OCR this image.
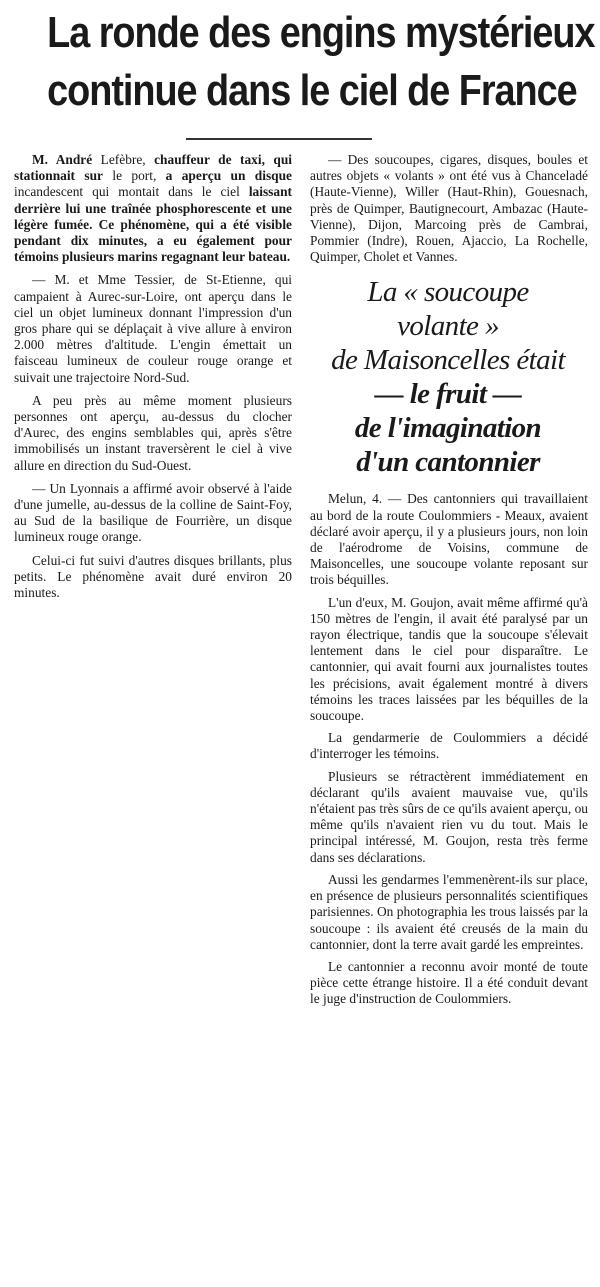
La ronde des engins mystérieux
continue dans le ciel de France

M. André Lefèbre, chauffeur de taxi, qui stationnait sur le port, a aperçu un disque incandescent qui montait dans le ciel laissant derrière lui une traînée phosphorescente et une légère fumée. Ce phénomène, qui a été visible pendant dix minutes, a eu également pour témoins plusieurs marins regagnant leur bateau.

— M. et Mme Tessier, de St-Etienne, qui campaient à Aurec-sur-Loire, ont aperçu dans le ciel un objet lumineux donnant l'impression d'un gros phare qui se déplaçait à vive allure à environ 2.000 mètres d'altitude. L'engin émettait un faisceau lumineux de couleur rouge orange et suivait une trajectoire Nord-Sud.

A peu près au même moment plusieurs personnes ont aperçu, au-dessus du clocher d'Aurec, des engins semblables qui, après s'être immobilisés un instant traversèrent le ciel à vive allure en direction du Sud-Ouest.

— Un Lyonnais a affirmé avoir observé à l'aide d'une jumelle, au-dessus de la colline de Saint-Foy, au Sud de la basilique de Fourrière, un disque lumineux rouge orange.

Celui-ci fut suivi d'autres disques brillants, plus petits. Le phénomène avait duré environ 20 minutes.

— Des soucoupes, cigares, disques, boules et autres objets « volants » ont été vus à Chanceladé (Haute-Vienne), Willer (Haut-Rhin), Gouesnach, près de Quimper, Bautignecourt, Ambazac (Haute-Vienne), Dijon, Marcoing près de Cambrai, Pommier (Indre), Rouen, Ajaccio, La Rochelle, Quimper, Cholet et Vannes.

La « soucoupe
volante »
de Maisoncelles était
— le fruit —
de l'imagination
d'un cantonnier

Melun, 4. — Des cantonniers qui travaillaient au bord de la route Coulommiers - Meaux, avaient déclaré avoir aperçu, il y a plusieurs jours, non loin de l'aérodrome de Voisins, commune de Maisoncelles, une soucoupe volante reposant sur trois béquilles.

L'un d'eux, M. Goujon, avait même affirmé qu'à 150 mètres de l'engin, il avait été paralysé par un rayon électrique, tandis que la soucoupe s'élevait lentement dans le ciel pour disparaître. Le cantonnier, qui avait fourni aux journalistes toutes les précisions, avait également montré à divers témoins les traces laissées par les béquilles de la soucoupe.

La gendarmerie de Coulommiers a décidé d'interroger les témoins.

Plusieurs se rétractèrent immédiatement en déclarant qu'ils avaient mauvaise vue, qu'ils n'étaient pas très sûrs de ce qu'ils avaient aperçu, ou même qu'ils n'avaient rien vu du tout. Mais le principal intéressé, M. Goujon, resta très ferme dans ses déclarations.

Aussi les gendarmes l'emmenèrent-ils sur place, en présence de plusieurs personnalités scientifiques parisiennes. On photographia les trous laissés par la soucoupe : ils avaient été creusés de la main du cantonnier, dont la terre avait gardé les empreintes.

Le cantonnier a reconnu avoir monté de toute pièce cette étrange histoire. Il a été conduit devant le juge d'instruction de Coulommiers.
